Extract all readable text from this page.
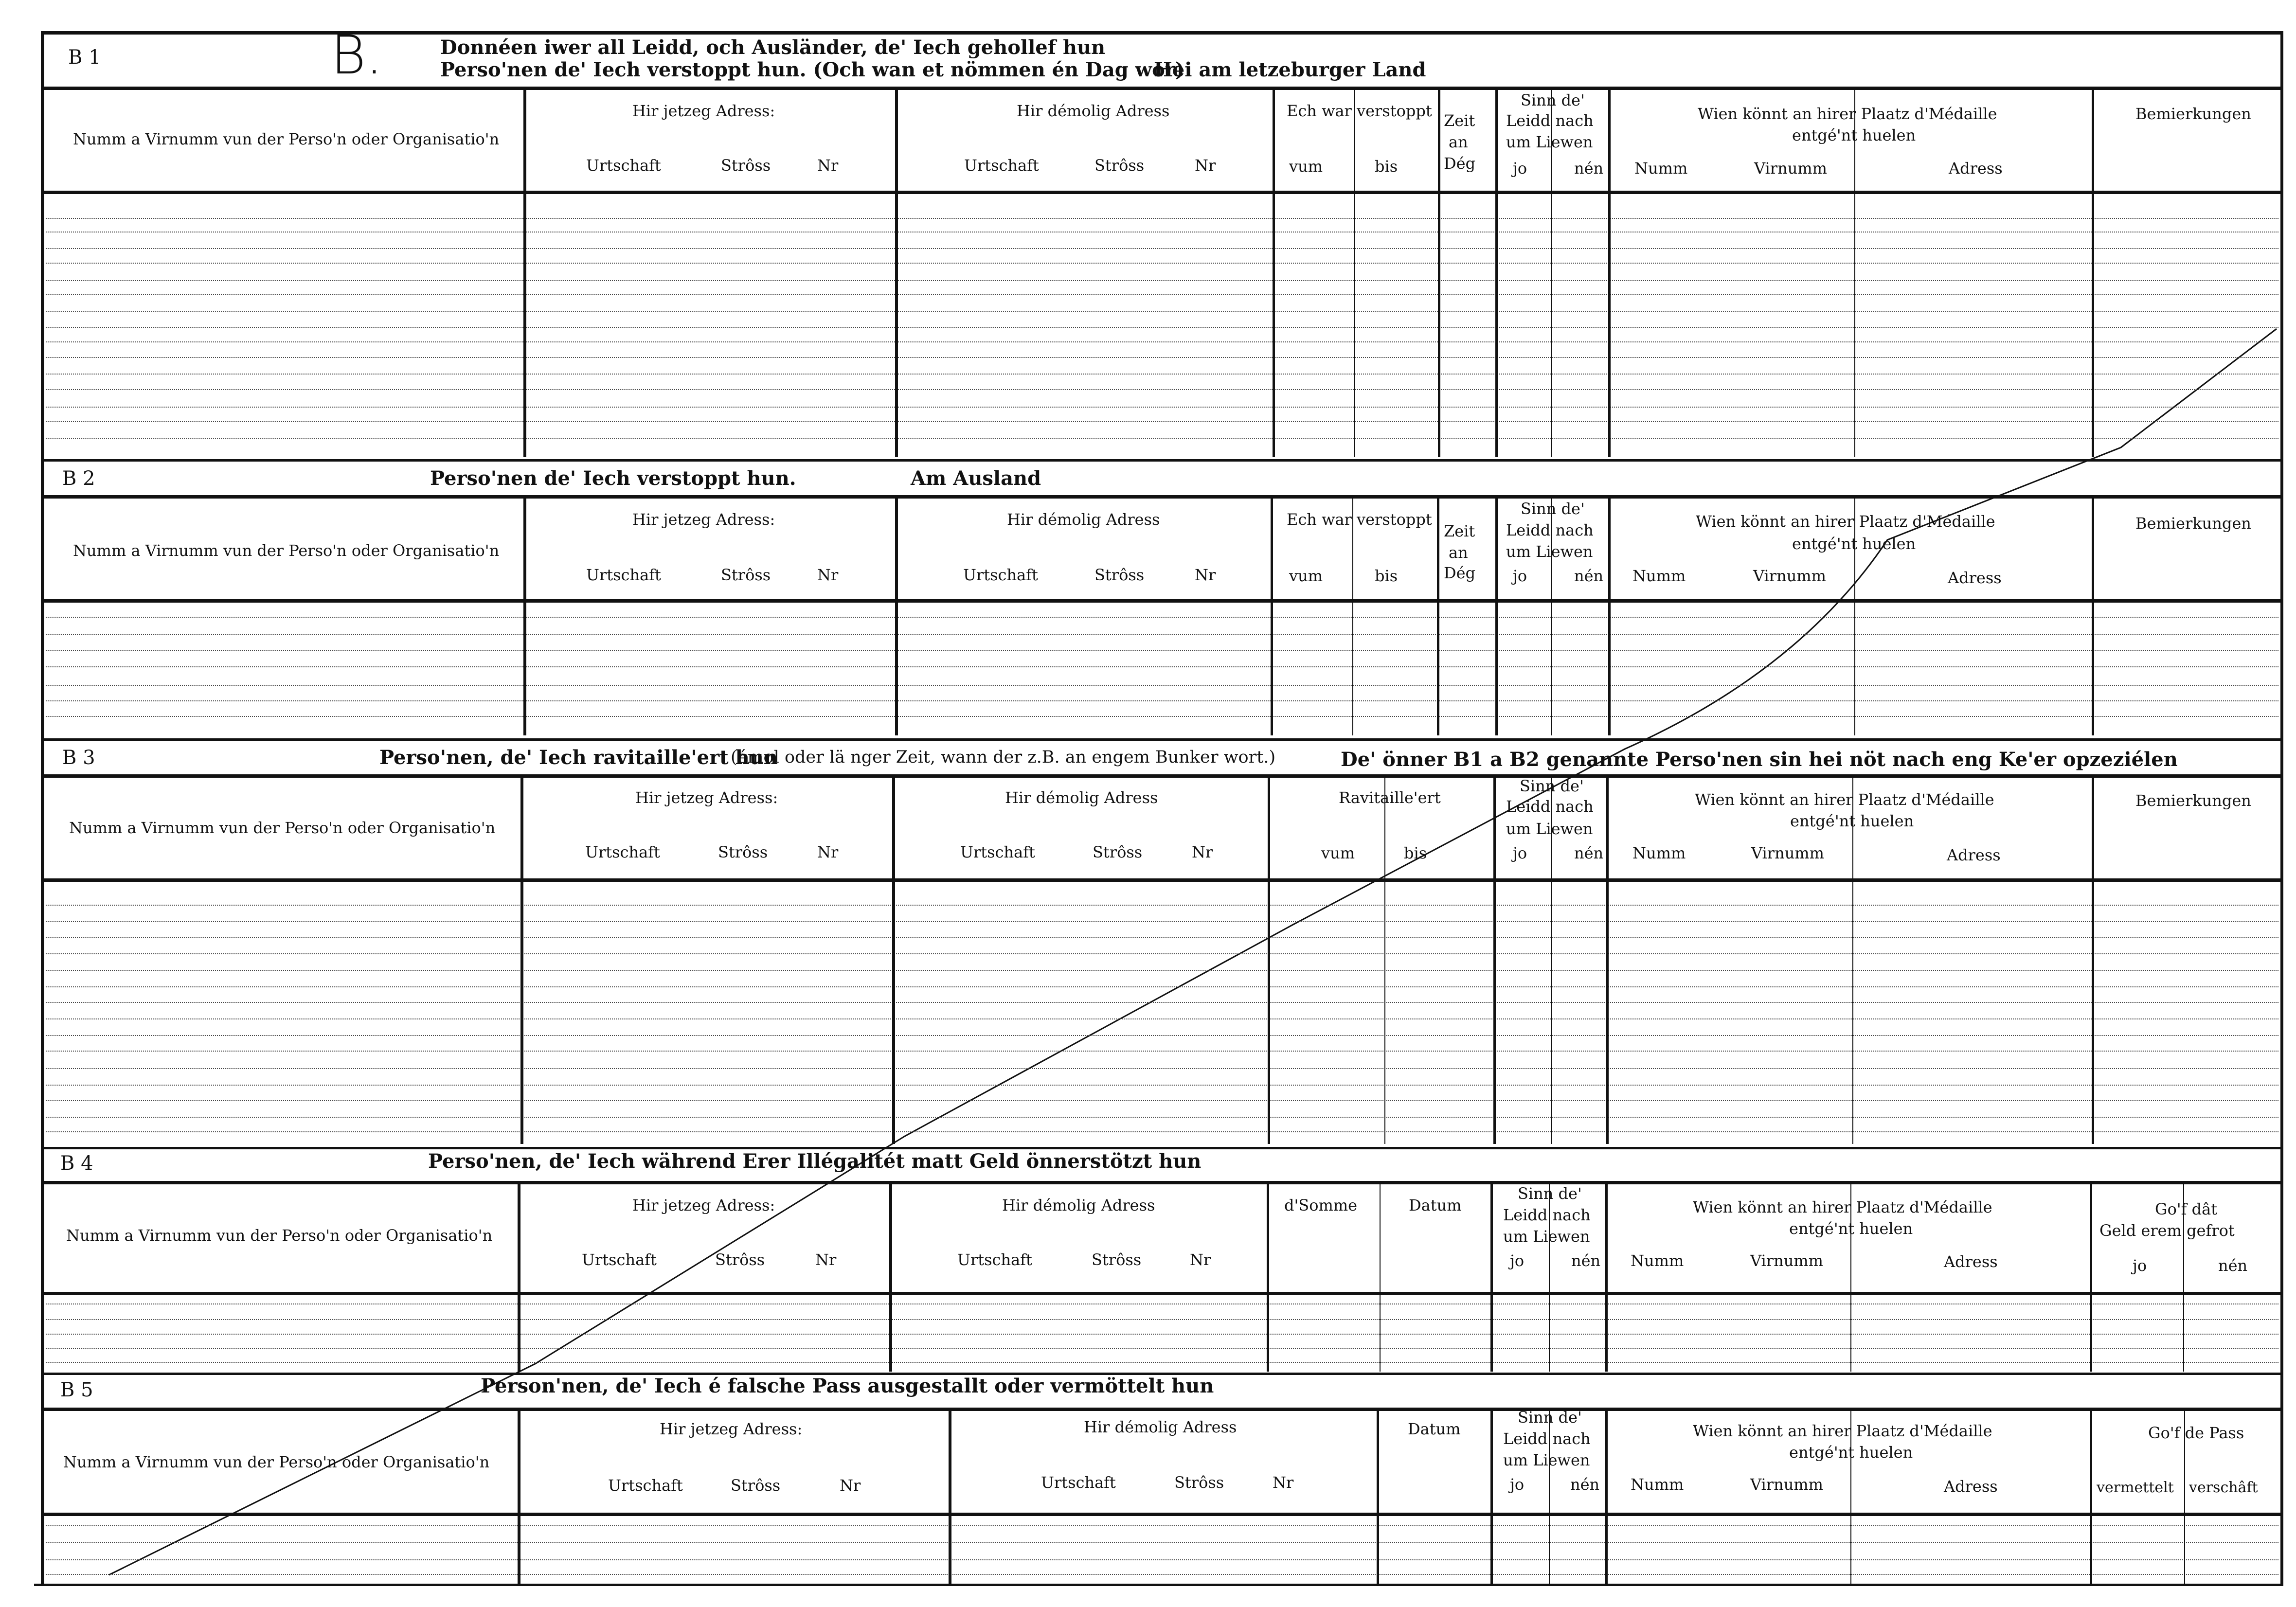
B 1	B.	Donnéen iwer all Leidd, och Ausländer, de' Iech gehollef hun
Perso'nen de' Iech verstoppt hun. (Och wan et nömmen én Dag wor)
Hei am letzeburger Land
B 2	Perso'nen de' Iech verstoppt hun.	Am Ausland
B 3	Perso'nen, de' Iech ravitaille'ert hun
(émol oder lä nger Zeit, wann der z.B. an engem Bunker wort.)	De' önner B1 a B2 genannte Perso'nen sin hei nöt nach eng Ke'er opzeziélen
B 4	Perso'nen, de' Iech während Erer Illégalitét matt Geld önnerstötzt hun
B 5	Person'nen, de' Iech é falsche Pass ausgestallt oder vermöttelt hun
Numm a Virnumm vun der Perso'n oder Organisatio'n
Hir jetzeg Adress:
Urtschaft	Strôss	Nr
Hir démolig Adress
Urtschaft	Strôss	Nr
Ech war verstoppt
vum	bis
Zeit
an
Dég
Sinn de'
Leidd nach
um Liewen
jo	nén
Wien könnt an hirer Plaatz d'Médaille
entgé'nt huelen
Numm	Virnumm	Adress
Bemierkungen
Numm a Virnumm vun der Perso'n oder Organisatio'n
Hir jetzeg Adress:
Urtschaft	Strôss	Nr
Hir démolig Adress
Urtschaft	Strôss	Nr
Ech war verstoppt
vum	bis
Zeit
an
Dég
Sinn de'
Leidd nach
um Liewen
jo	nén
Wien könnt an hirer Plaatz d'Médaille
entgé'nt huelen
Numm	Virnumm	Adress
Bemierkungen
Numm a Virnumm vun der Perso'n oder Organisatio'n
Hir jetzeg Adress:
Urtschaft	Strôss	Nr
Hir démolig Adress
Urtschaft	Strôss	Nr
Ravitaille'ert
vum	bis
Sinn de'
Leidd nach
um Liewen
jo	nén
Wien könnt an hirer Plaatz d'Médaille
entgé'nt huelen
Numm	Virnumm	Adress
Bemierkungen
Numm a Virnumm vun der Perso'n oder Organisatio'n
Hir jetzeg Adress:
Urtschaft	Strôss	Nr
Hir démolig Adress
Urtschaft	Strôss	Nr
d'Somme	Datum
Sinn de'
Leidd nach
um Liewen
jo	nén
Wien könnt an hirer Plaatz d'Médaille
entgé'nt huelen
Numm	Virnumm	Adress
Go'f dât
Geld erem gefrot
jo	nén
Numm a Virnumm vun der Perso'n oder Organisatio'n
Hir jetzeg Adress:
Urtschaft	Strôss	Nr
Hir démolig Adress
Urtschaft	Strôss	Nr
Datum
Sinn de'
Leidd nach
um Liewen
jo	nén
Wien könnt an hirer Plaatz d'Médaille
entgé'nt huelen
Numm	Virnumm	Adress
Go'f de Pass
vermettelt verschâft
